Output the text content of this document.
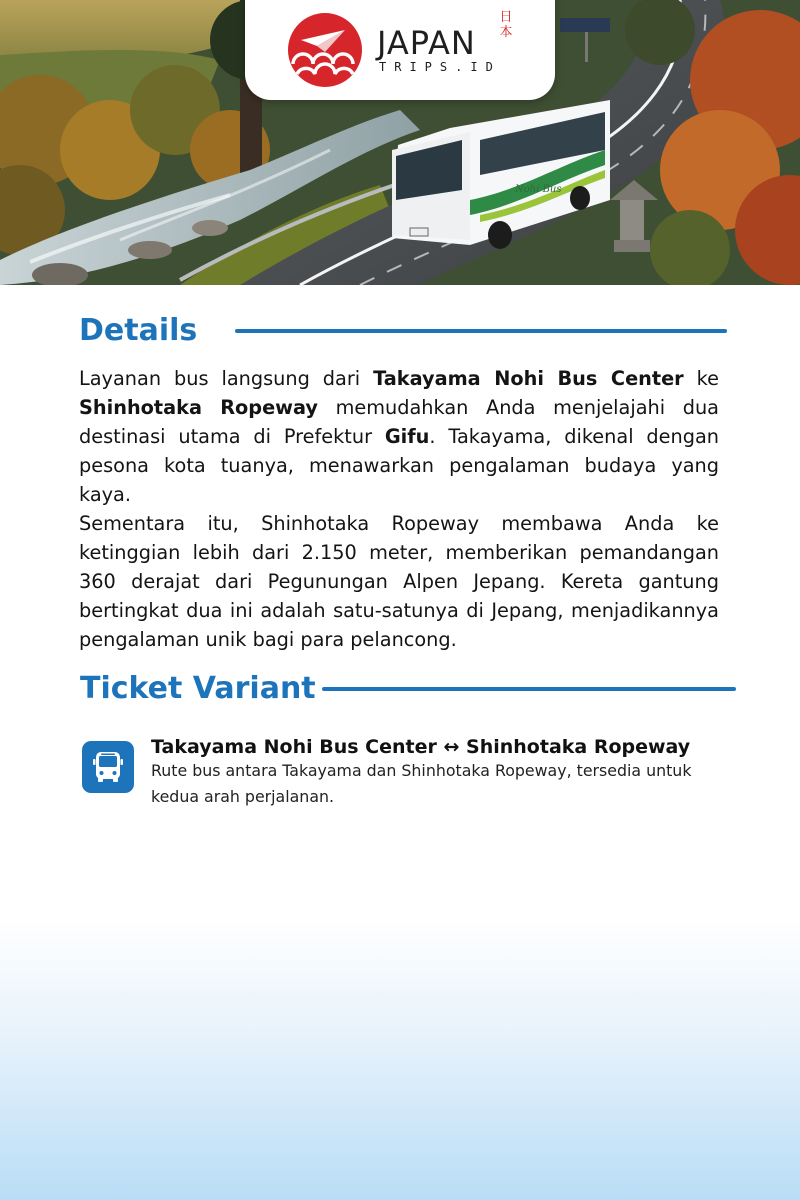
Nohi Bus
JAPAN
TRIPS.ID
日本
Details

Layanan bus langsung dari Takayama Nohi Bus Center ke Shinhotaka Ropeway memudahkan Anda menjelajahi dua destinasi utama di Prefektur Gifu. Takayama, dikenal dengan pesona kota tuanya, menawarkan pengalaman budaya yang kaya.

Sementara itu, Shinhotaka Ropeway membawa Anda ke ketinggian lebih dari 2.150 meter, memberikan pemandangan 360 derajat dari Pegunungan Alpen Jepang. Kereta gantung bertingkat dua ini adalah satu-satunya di Jepang, menjadikannya pengalaman unik bagi para pelancong.

Ticket Variant
Takayama Nohi Bus Center ↔ Shinhotaka Ropeway
Rute bus antara Takayama dan Shinhotaka Ropeway, tersedia untuk kedua arah perjalanan.
